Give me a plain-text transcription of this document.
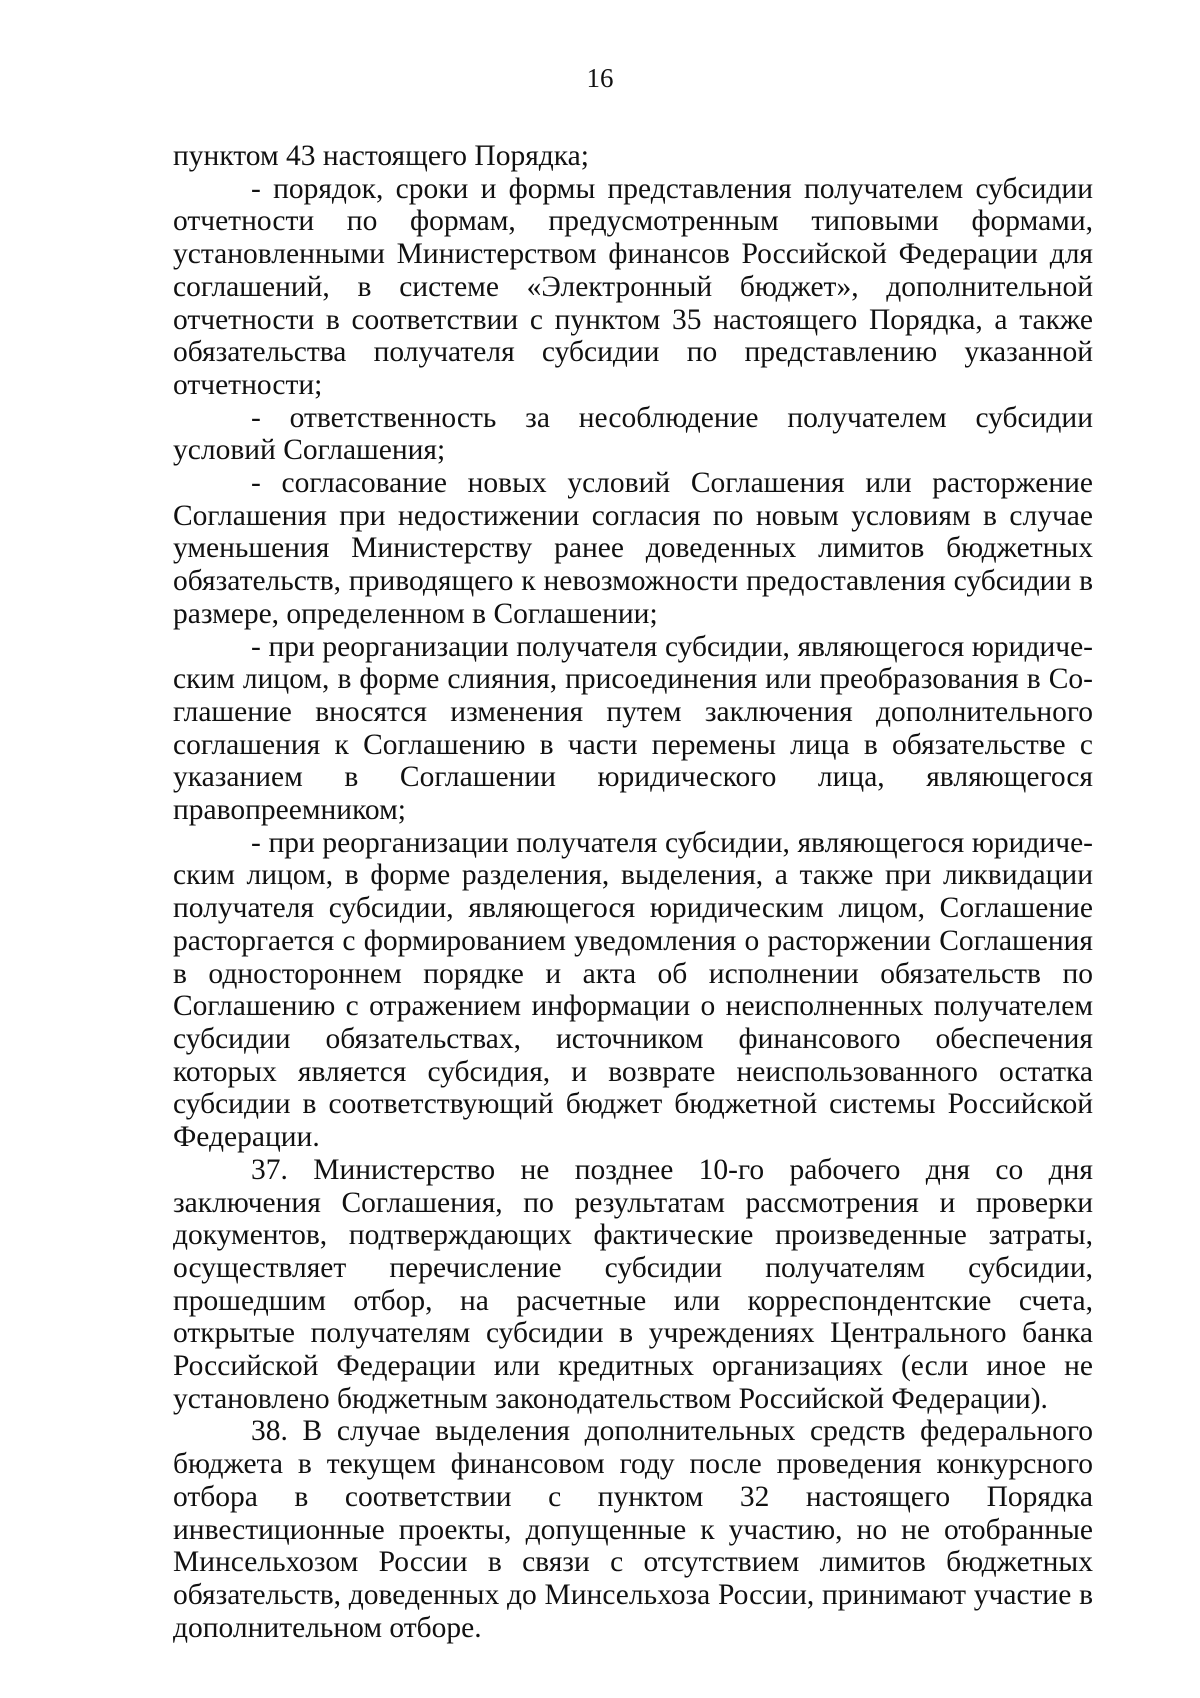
16

пунктом 43 настоящего Порядка;

- порядок, сроки и формы представления получателем субсидии отчетности по формам, предусмотренным типовыми формами, установленными Министерством финансов Российской Федерации для соглашений, в системе «Электронный бюджет», дополнительной отчетности в соответствии с пунктом 35 настоящего Порядка, а также обязательства получателя субсидии по представлению указанной отчетности;

- ответственность за несоблюдение получателем субсидии условий Соглашения;

- согласование новых условий Соглашения или расторжение Соглашения при недостижении согласия по новым условиям в случае уменьшения Министерству ранее доведенных лимитов бюджетных обязательств, приводящего к невозможности предоставления субсидии в размере, определенном в Соглашении;

- при реорганизации получателя субсидии, являющегося юридическим лицом, в форме слияния, присоединения или преобразования в Соглашение вносятся изменения путем заключения дополнительного соглашения к Соглашению в части перемены лица в обязательстве с указанием в Соглашении юридического лица, являющегося правопреемником;

- при реорганизации получателя субсидии, являющегося юридическим лицом, в форме разделения, выделения, а также при ликвидации получателя субсидии, являющегося юридическим лицом, Соглашение расторгается с формированием уведомления о расторжении Соглашения в одностороннем порядке и акта об исполнении обязательств по Соглашению с отражением информации о неисполненных получателем субсидии обязательствах, источником финансового обеспечения которых является субсидия, и возврате неиспользованного остатка субсидии в соответствующий бюджет бюджетной системы Российской Федерации.

37. Министерство не позднее 10-го рабочего дня со дня заключения Соглашения, по результатам рассмотрения и проверки документов, подтверждающих фактические произведенные затраты, осуществляет перечисление субсидии получателям субсидии, прошедшим отбор, на расчетные или корреспондентские счета, открытые получателям субсидии в учреждениях Центрального банка Российской Федерации или кредитных организациях (если иное не установлено бюджетным законодательством Российской Федерации).

38. В случае выделения дополнительных средств федерального бюджета в текущем финансовом году после проведения конкурсного отбора в соответствии с пунктом 32 настоящего Порядка инвестиционные проекты, допущенные к участию, но не отобранные Минсельхозом России в связи с отсутствием лимитов бюджетных обязательств, доведенных до Минсельхоза России, принимают участие в дополнительном отборе.
